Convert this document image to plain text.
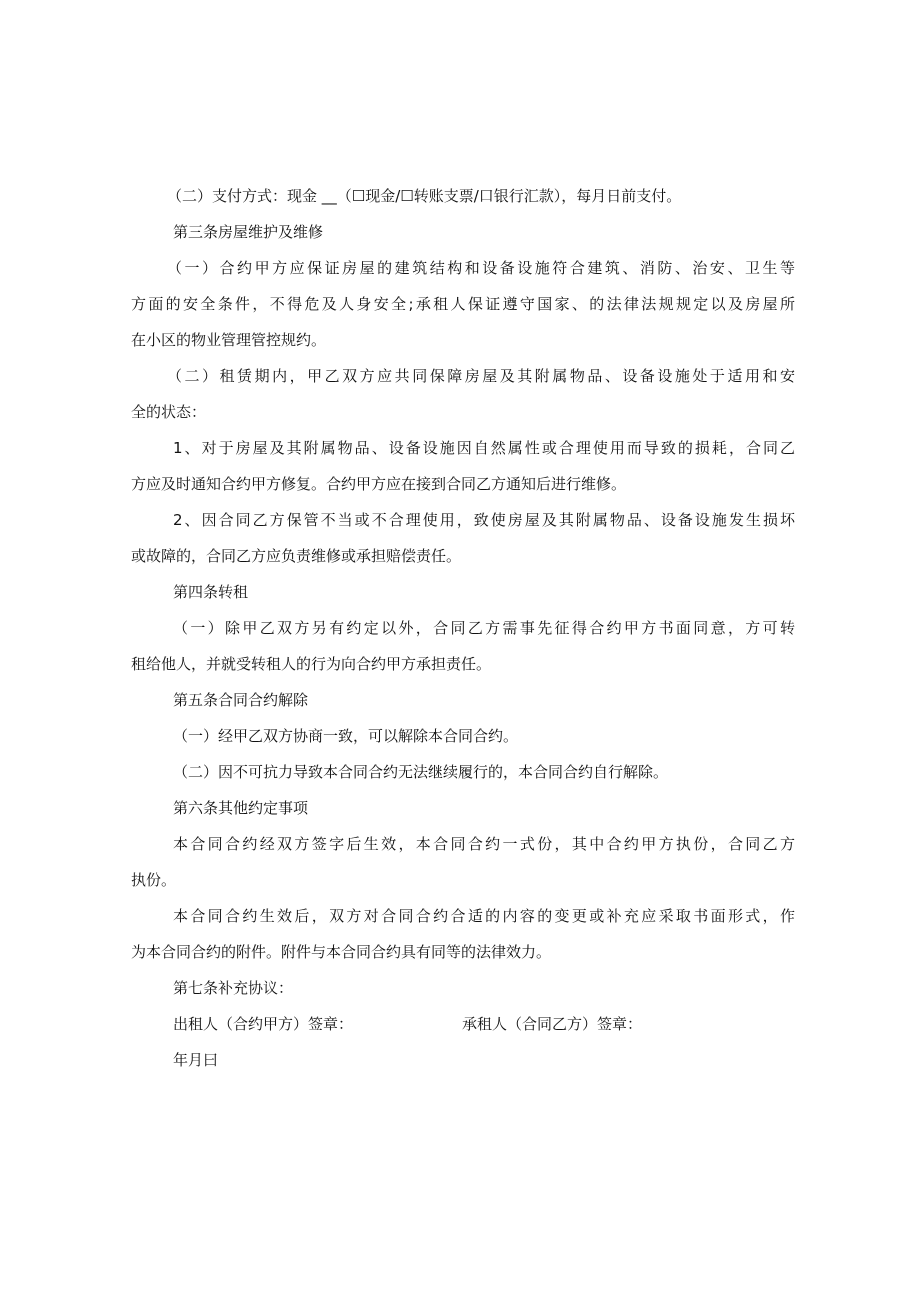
（二）支付方式：现金 __（☐现金/☐转账支票/口银行汇款），每月日前支付。

第三条房屋维护及维修

（一）合约甲方应保证房屋的建筑结构和设备设施符合建筑、消防、治安、卫生等

方面的安全条件，不得危及人身安全;承租人保证遵守国家、的法律法规规定以及房屋所

在小区的物业管理管控规约。

（二）租赁期内，甲乙双方应共同保障房屋及其附属物品、设备设施处于适用和安

全的状态：

1、对于房屋及其附属物品、设备设施因自然属性或合理使用而导致的损耗，合同乙

方应及时通知合约甲方修复。合约甲方应在接到合同乙方通知后进行维修。

2、因合同乙方保管不当或不合理使用，致使房屋及其附属物品、设备设施发生损坏

或故障的，合同乙方应负责维修或承担赔偿责任。

第四条转租

（一）除甲乙双方另有约定以外，合同乙方需事先征得合约甲方书面同意，方可转

租给他人，并就受转租人的行为向合约甲方承担责任。

第五条合同合约解除

（一）经甲乙双方协商一致，可以解除本合同合约。

（二）因不可抗力导致本合同合约无法继续履行的，本合同合约自行解除。

第六条其他约定事项

本合同合约经双方签字后生效，本合同合约一式份，其中合约甲方执份，合同乙方

执份。

本合同合约生效后，双方对合同合约合适的内容的变更或补充应采取书面形式，作

为本合同合约的附件。附件与本合同合约具有同等的法律效力。

第七条补充协议：

出租人（合约甲方）签章：	承租人（合同乙方）签章：

年月曰
